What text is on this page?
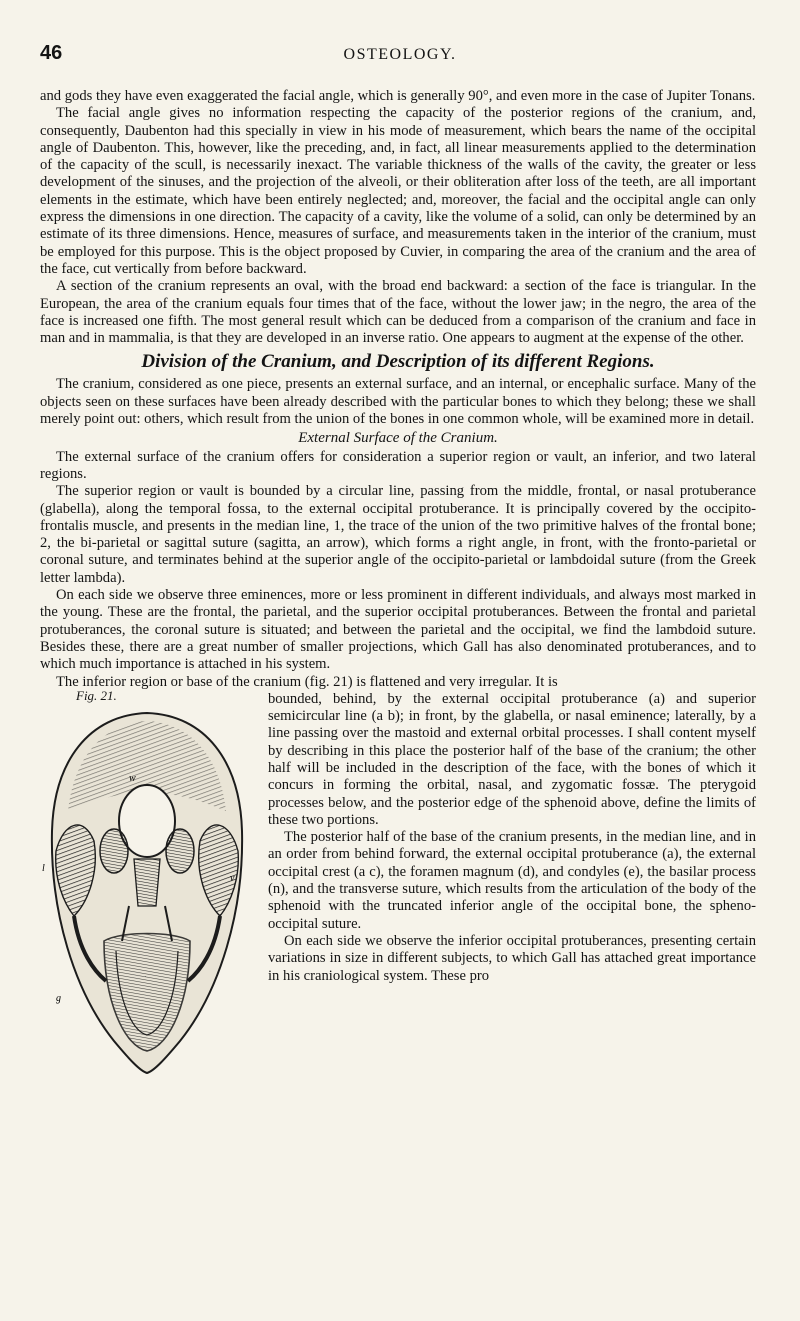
46	OSTEOLOGY.

and gods they have even exaggerated the facial angle, which is generally 90°, and even more in the case of Jupiter Tonans.

The facial angle gives no information respecting the capacity of the posterior regions of the cranium, and, consequently, Daubenton had this specially in view in his mode of measurement, which bears the name of the occipital angle of Daubenton. This, however, like the preceding, and, in fact, all linear measurements applied to the determination of the capacity of the scull, is necessarily inexact. The variable thickness of the walls of the cavity, the greater or less development of the sinuses, and the projection of the alveoli, or their obliteration after loss of the teeth, are all important elements in the estimate, which have been entirely neglected; and, moreover, the facial and the occipital angle can only express the dimensions in one direction. The capacity of a cavity, like the volume of a solid, can only be determined by an estimate of its three dimensions. Hence, measures of surface, and measurements taken in the interior of the cranium, must be employed for this purpose. This is the object proposed by Cuvier, in comparing the area of the cranium and the area of the face, cut vertically from before backward.

A section of the cranium represents an oval, with the broad end backward: a section of the face is triangular. In the European, the area of the cranium equals four times that of the face, without the lower jaw; in the negro, the area of the face is increased one fifth. The most general result which can be deduced from a comparison of the cranium and face in man and in mammalia, is that they are developed in an inverse ratio. One appears to augment at the expense of the other.

Division of the Cranium, and Description of its different Regions.

The cranium, considered as one piece, presents an external surface, and an internal, or encephalic surface. Many of the objects seen on these surfaces have been already described with the particular bones to which they belong; these we shall merely point out: others, which result from the union of the bones in one common whole, will be examined more in detail.

External Surface of the Cranium.

The external surface of the cranium offers for consideration a superior region or vault, an inferior, and two lateral regions.

The superior region or vault is bounded by a circular line, passing from the middle, frontal, or nasal protuberance (glabella), along the temporal fossa, to the external occipital protuberance. It is principally covered by the occipito-frontalis muscle, and presents in the median line, 1, the trace of the union of the two primitive halves of the frontal bone; 2, the bi-parietal or sagittal suture (sagitta, an arrow), which forms a right angle, in front, with the fronto-parietal or coronal suture, and terminates behind at the superior angle of the occipito-parietal or lambdoidal suture (from the Greek letter lambda).

On each side we observe three eminences, more or less prominent in different individuals, and always most marked in the young. These are the frontal, the parietal, and the superior occipital protuberances. Between the frontal and parietal protuberances, the coronal suture is situated; and between the parietal and the occipital, we find the lambdoid suture. Besides these, there are a great number of smaller projections, which Gall has also denominated protuberances, and to which much importance is attached in his system.

The inferior region or base of the cranium (fig. 21) is flattened and very irregular. It is

Fig. 21.
w
l
g
v

bounded, behind, by the external occipital protuberance (a) and superior semicircular line (a b); in front, by the glabella, or nasal eminence; laterally, by a line passing over the mastoid and external orbital processes. I shall content myself by describing in this place the posterior half of the base of the cranium; the other half will be included in the description of the face, with the bones of which it concurs in forming the orbital, nasal, and zygomatic fossæ. The pterygoid processes below, and the posterior edge of the sphenoid above, define the limits of these two portions.

The posterior half of the base of the cranium presents, in the median line, and in an order from behind forward, the external occipital protuberance (a), the external occipital crest (a c), the foramen magnum (d), and condyles (e), the basilar process (n), and the transverse suture, which results from the articulation of the body of the sphenoid with the truncated inferior angle of the occipital bone, the spheno-occipital suture.

On each side we observe the inferior occipital protuberances, presenting certain variations in size in different subjects, to which Gall has attached great importance in his craniological system. These pro
